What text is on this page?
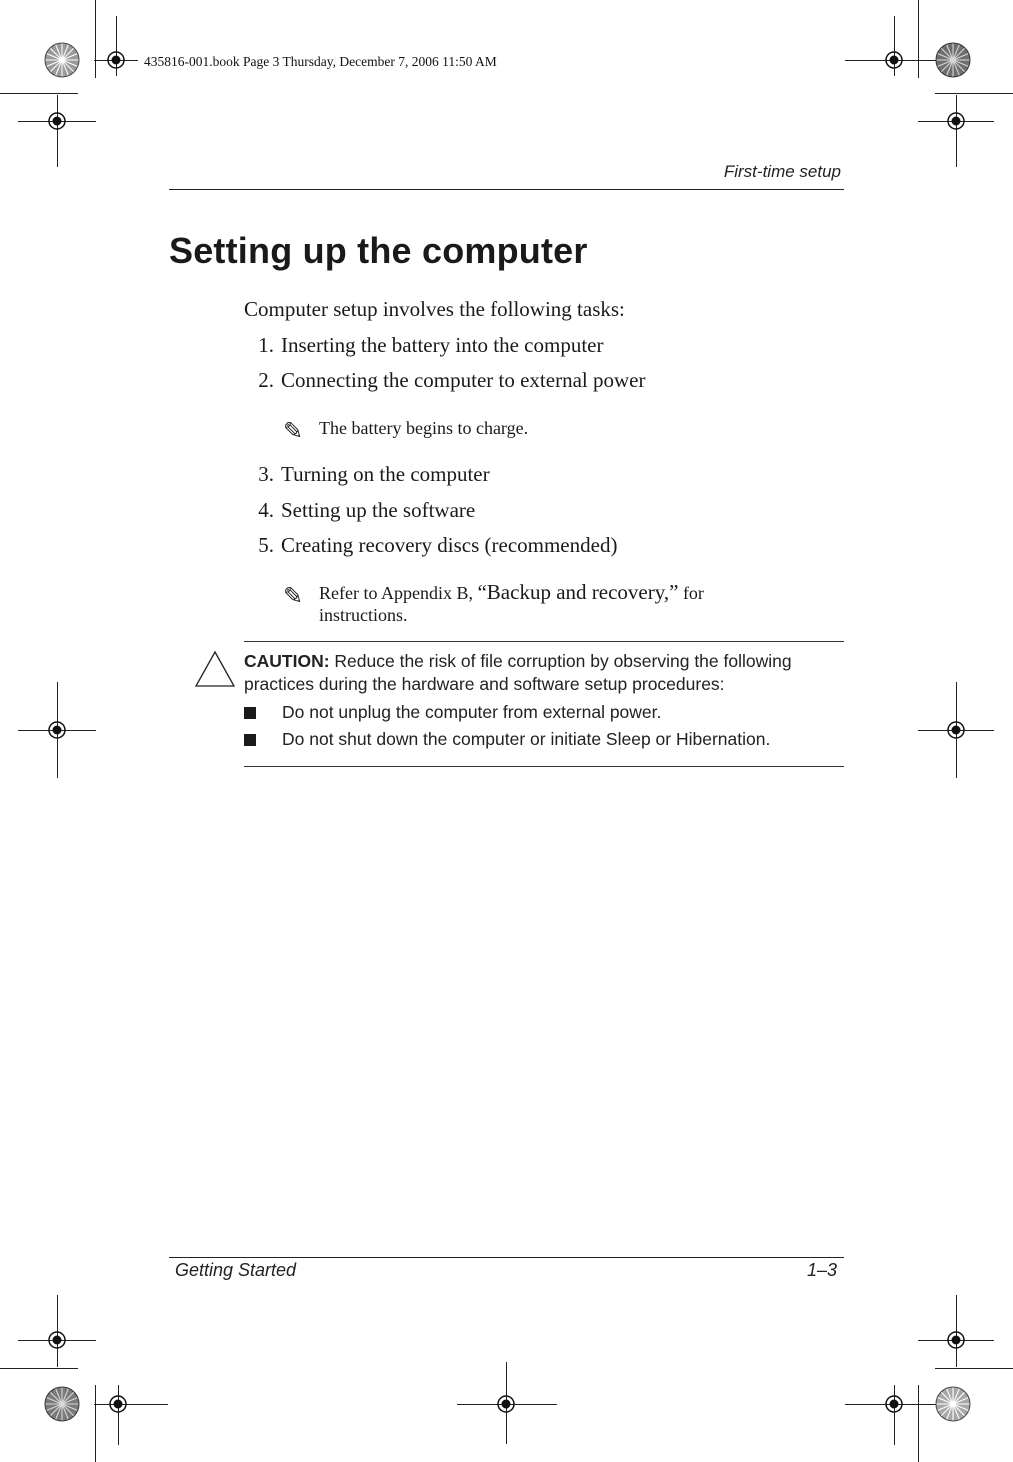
435816-001.book Page 3 Thursday, December 7, 2006 11:50 AM
First-time setup
Setting up the computer
Computer setup involves the following tasks:
1. Inserting the battery into the computer
2. Connecting the computer to external power
✎ The battery begins to charge.
3. Turning on the computer
4. Setting up the software
5. Creating recovery discs (recommended)
✎ Refer to Appendix B, “Backup and recovery,” for
instructions.
CAUTION: Reduce the risk of file corruption by observing the following
practices during the hardware and software setup procedures:
Do not unplug the computer from external power.
Do not shut down the computer or initiate Sleep or Hibernation.
Getting Started	1–3
